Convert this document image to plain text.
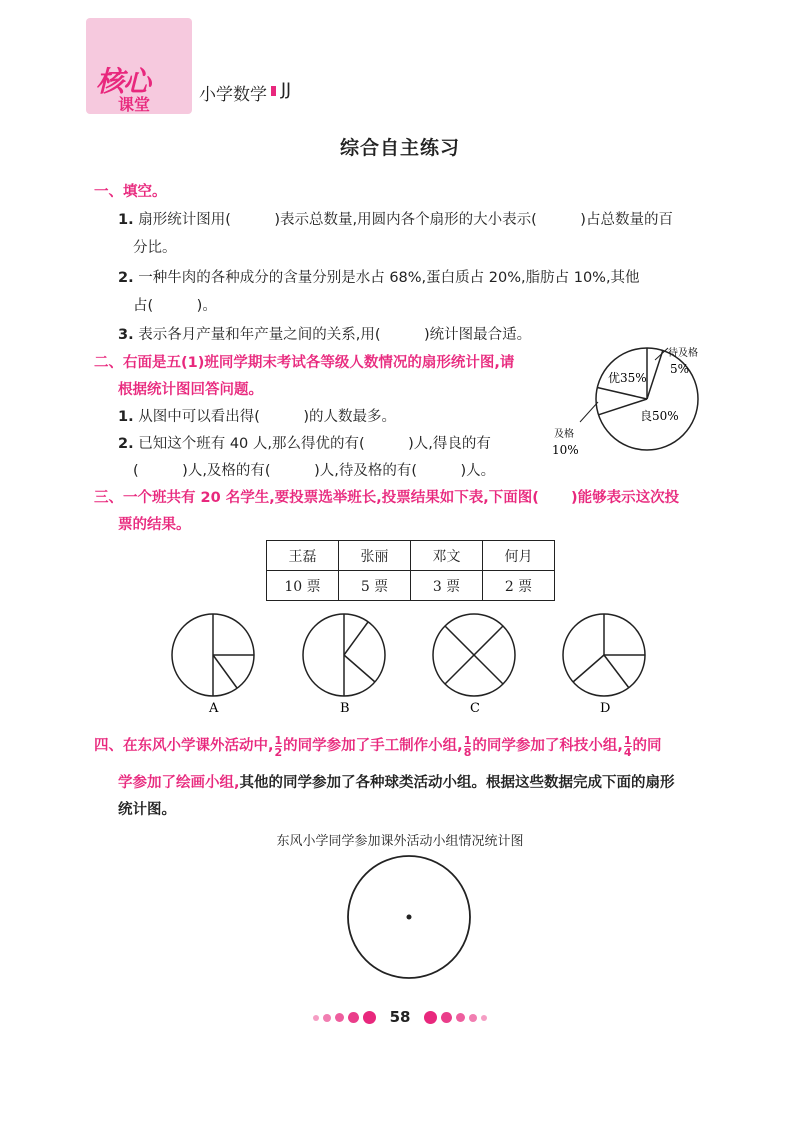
核心
课堂	小学数学 JJ
综合自主练习
一、填空。
1. 扇形统计图用(　　　)表示总数量,用圆内各个扇形的大小表示(　　　)占总数量的百
分比。
2. 一种牛肉的各种成分的含量分别是水占 68%,蛋白质占 20%,脂肪占 10%,其他
占(　　　)。
3. 表示各月产量和年产量之间的关系,用(　　　)统计图最合适。
二、右面是五(1)班同学期末考试各等级人数情况的扇形统计图,请
根据统计图回答问题。
1. 从图中可以看出得(　　　)的人数最多。
2. 已知这个班有 40 人,那么得优的有(　　　)人,得良的有
(　　　)人,及格的有(　　　)人,待及格的有(　　　)人。
待及格
5%
优35%
良50%
及格
10%
三、一个班共有 20 名学生,要投票选举班长,投票结果如下表,下面图( )能够表示这次投
票的结果。
王磊	张丽	邓文	何月
10 票	5 票	3 票	2 票
A	B	C	D
四、在东风小学课外活动中, $\frac{1}{2}$ 的同学参加了手工制作小组, $\frac{1}{8}$ 的同学参加了科技小组, $\frac{1}{4}$ 的同
学参加了绘画小组,其他的同学参加了各种球类活动小组。根据这些数据完成下面的扇形
统计图。
东风小学同学参加课外活动小组情况统计图
58
